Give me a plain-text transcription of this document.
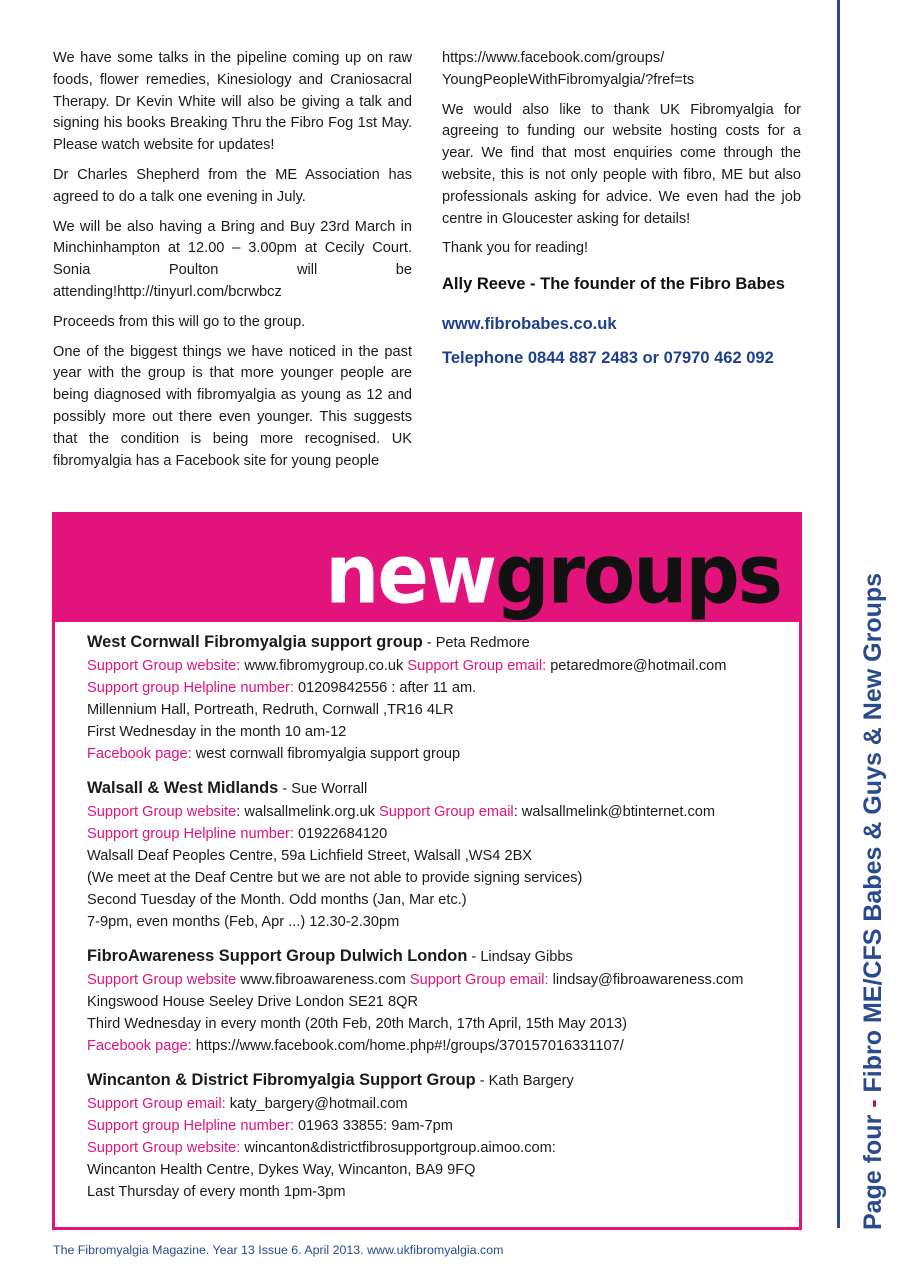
We have some talks in the pipeline coming up on raw foods, flower remedies, Kinesiology and Craniosacral Therapy. Dr Kevin White will also be giving a talk and signing his books Breaking Thru the Fibro Fog 1st May. Please watch website for updates!

Dr Charles Shepherd from the ME Association has agreed to do a talk one evening in July.

We will be also having a Bring and Buy 23rd March in Minchinhampton at 12.00 – 3.00pm at Cecily Court. Sonia Poulton will be attending!http://tinyurl.com/bcrwbcz

Proceeds from this will go to the group.

One of the biggest things we have noticed in the past year with the group is that more younger people are being diagnosed with fibromyalgia as young as 12 and possibly more out there even younger. This suggests that the condition is being more recognised. UK fibromyalgia has a Facebook site for young people

https://www.facebook.com/groups/ YoungPeopleWithFibromyalgia/?fref=ts

We would also like to thank UK Fibromyalgia for agreeing to funding our website hosting costs for a year. We find that most enquiries come through the website, this is not only people with fibro, ME but also professionals asking for advice. We even had the job centre in Gloucester asking for details!

Thank you for reading!

Ally Reeve - The founder of the Fibro Babes
www.fibrobabes.co.uk
Telephone 0844 887 2483 or 07970 462 092
Page four - Fibro ME/CFS Babes & Guys & New Groups
newgroups
West Cornwall Fibromyalgia support group - Peta Redmore
Support Group website: www.fibromygroup.co.uk Support Group email: petaredmore@hotmail.com
Support group Helpline number: 01209842556 : after 11 am.
Millennium Hall, Portreath, Redruth, Cornwall ,TR16 4LR
First Wednesday in the month 10 am-12
Facebook page: west cornwall fibromyalgia support group
Walsall & West Midlands - Sue Worrall
Support Group website: walsallmelink.org.uk Support Group email: walsallmelink@btinternet.com
Support group Helpline number: 01922684120
Walsall Deaf Peoples Centre, 59a Lichfield Street, Walsall ,WS4 2BX
(We meet at the Deaf Centre but we are not able to provide signing services)
Second Tuesday of the Month. Odd months (Jan, Mar etc.)
7-9pm, even months (Feb, Apr ...) 12.30-2.30pm
FibroAwareness Support Group Dulwich London - Lindsay Gibbs
Support Group website www.fibroawareness.com Support Group email: lindsay@fibroawareness.com
Kingswood House Seeley Drive London SE21 8QR
Third Wednesday in every month (20th Feb, 20th March, 17th April, 15th May 2013)
Facebook page: https://www.facebook.com/home.php#!/groups/370157016331107/
Wincanton & District Fibromyalgia Support Group - Kath Bargery
Support Group email: katy_bargery@hotmail.com
Support group Helpline number: 01963 33855: 9am-7pm
Support Group website: wincanton&districtfibrosupportgroup.aimoo.com:
Wincanton Health Centre, Dykes Way, Wincanton, BA9 9FQ
Last Thursday of every month 1pm-3pm
The Fibromyalgia Magazine. Year 13 Issue 6. April 2013. www.ukfibromyalgia.com
